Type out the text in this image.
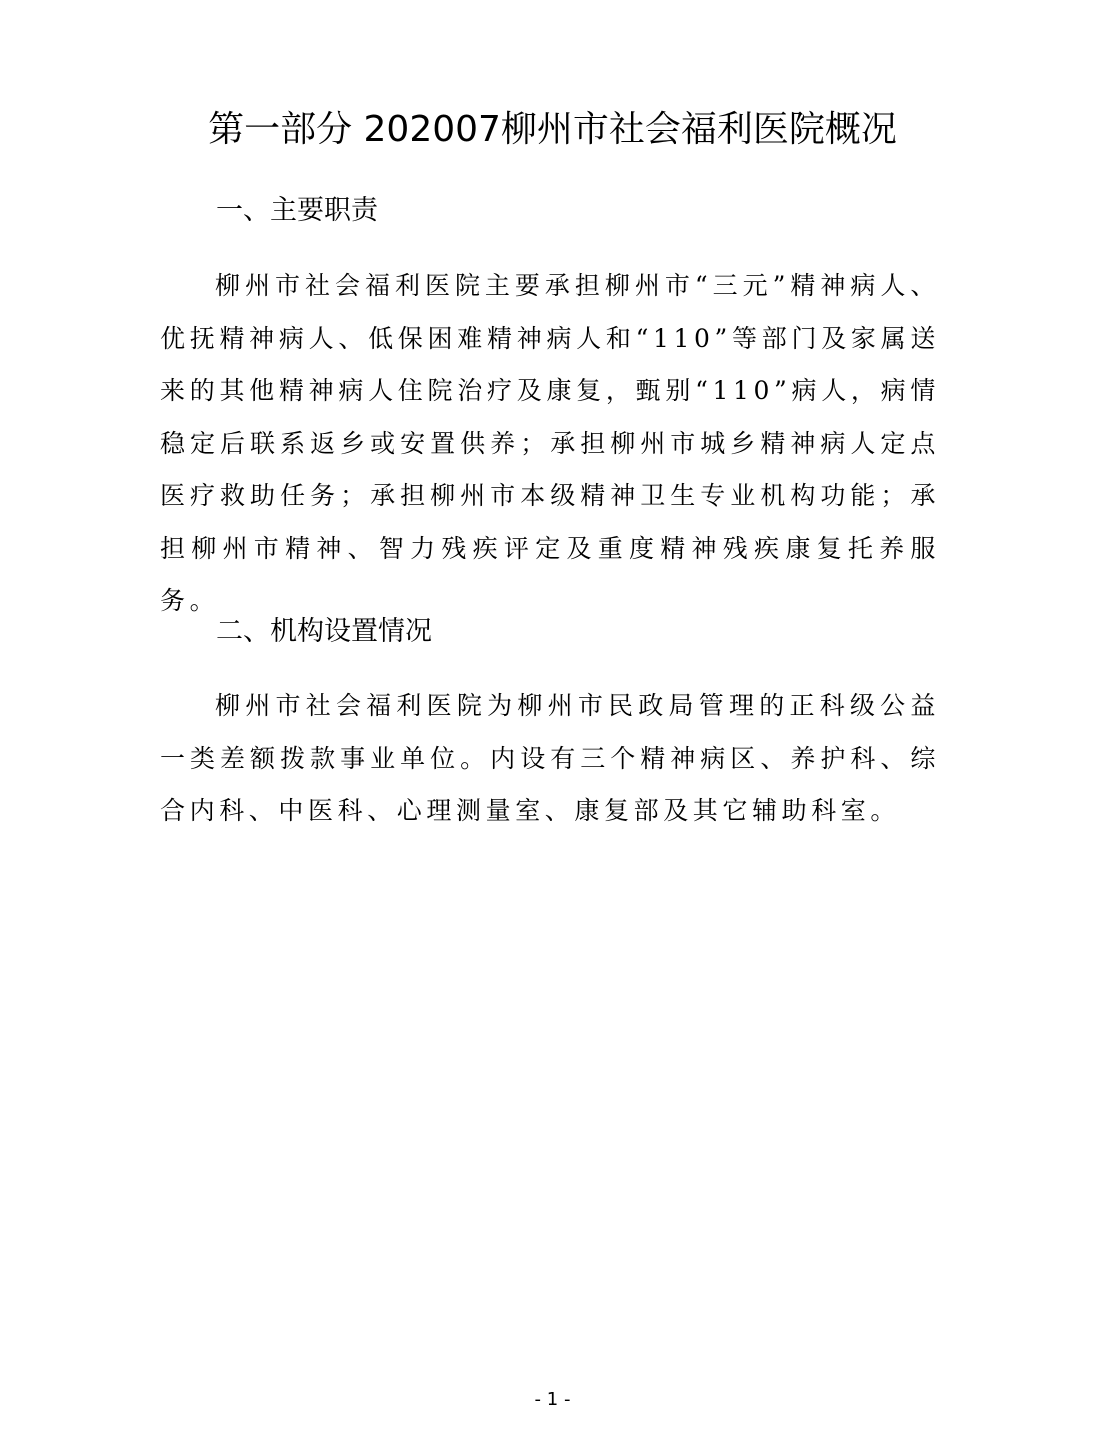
第一部分 202007柳州市社会福利医院概况
一、主要职责

柳州市社会福利医院主要承担柳州市“三元”精神病人、优抚精神病人、低保困难精神病人和“110”等部门及家属送来的其他精神病人住院治疗及康复，甄别“110”病人，病情稳定后联系返乡或安置供养；承担柳州市城乡精神病人定点医疗救助任务；承担柳州市本级精神卫生专业机构功能；承担柳州市精神、智力残疾评定及重度精神残疾康复托养服务。

二、机构设置情况

柳州市社会福利医院为柳州市民政局管理的正科级公益一类差额拨款事业单位。内设有三个精神病区、养护科、综合内科、中医科、心理测量室、康复部及其它辅助科室。

- 1 -
